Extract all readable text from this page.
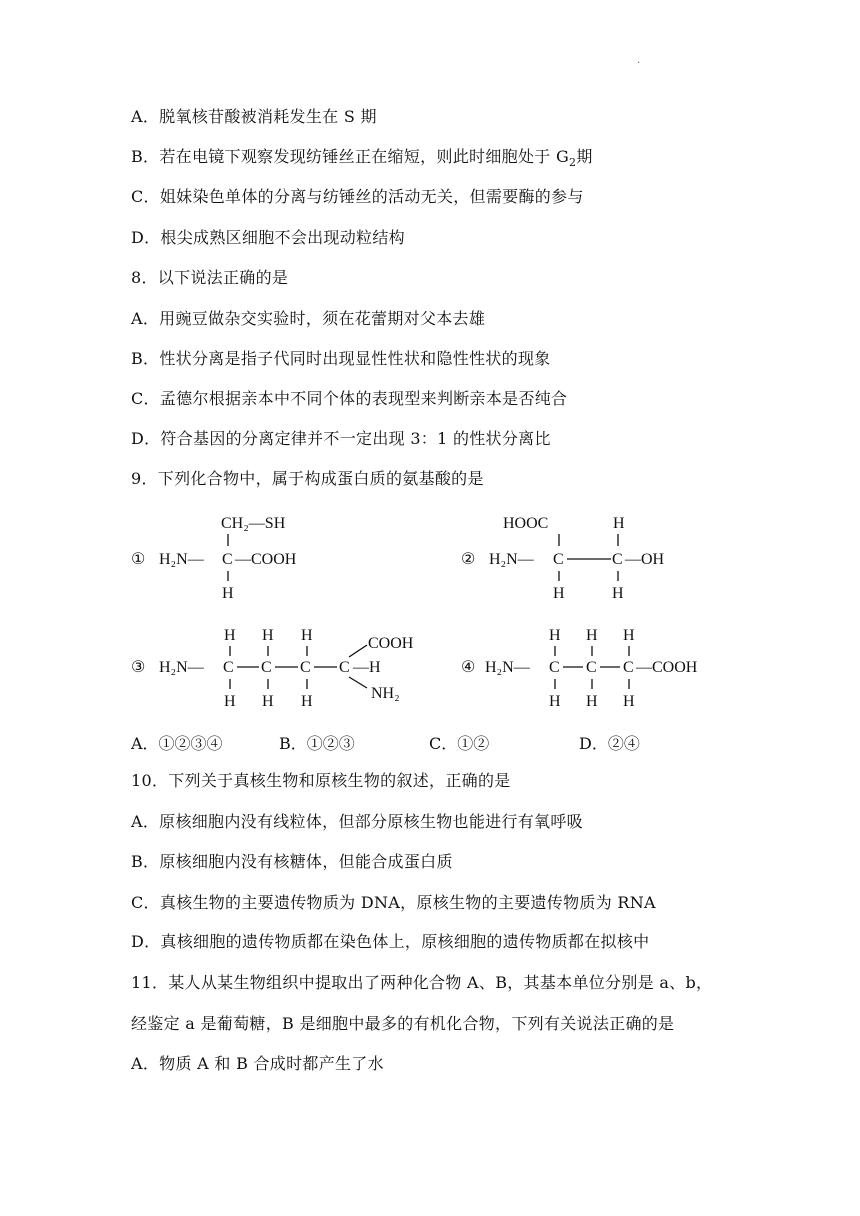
·
A．脱氧核苷酸被消耗发生在 S 期
B．若在电镜下观察发现纺锤丝正在缩短，则此时细胞处于 $G_2$期
C．姐妹染色单体的分离与纺锤丝的活动无关，但需要酶的参与
D．根尖成熟区细胞不会出现动粒结构
8．以下说法正确的是
A．用豌豆做杂交实验时，须在花蕾期对父本去雄
B．性状分离是指子代同时出现显性性状和隐性性状的现象
C．孟德尔根据亲本中不同个体的表现型来判断亲本是否纯合
D．符合基因的分离定律并不一定出现 3：1 的性状分离比
9．下列化合物中，属于构成蛋白质的氨基酸的是
CH₂—SH
① H₂N— C —COOH
H
HOOC	H
② H₂N— C	C —OH
H	H
H H H	COOH
③ H₂N— C C C C —H
H H H	NH₂
H H H
④ H₂N— C C C —COOH
H H H
A．①②③④	B．①②③	C．①②	D．②④
10．下列关于真核生物和原核生物的叙述，正确的是
A．原核细胞内没有线粒体，但部分原核生物也能进行有氧呼吸
B．原核细胞内没有核糖体，但能合成蛋白质
C．真核生物的主要遗传物质为 DNA，原核生物的主要遗传物质为 RNA
D．真核细胞的遗传物质都在染色体上，原核细胞的遗传物质都在拟核中
11．某人从某生物组织中提取出了两种化合物 A、B，其基本单位分别是 a、b，
经鉴定 a 是葡萄糖，B 是细胞中最多的有机化合物，下列有关说法正确的是
A．物质 A 和 B 合成时都产生了水
